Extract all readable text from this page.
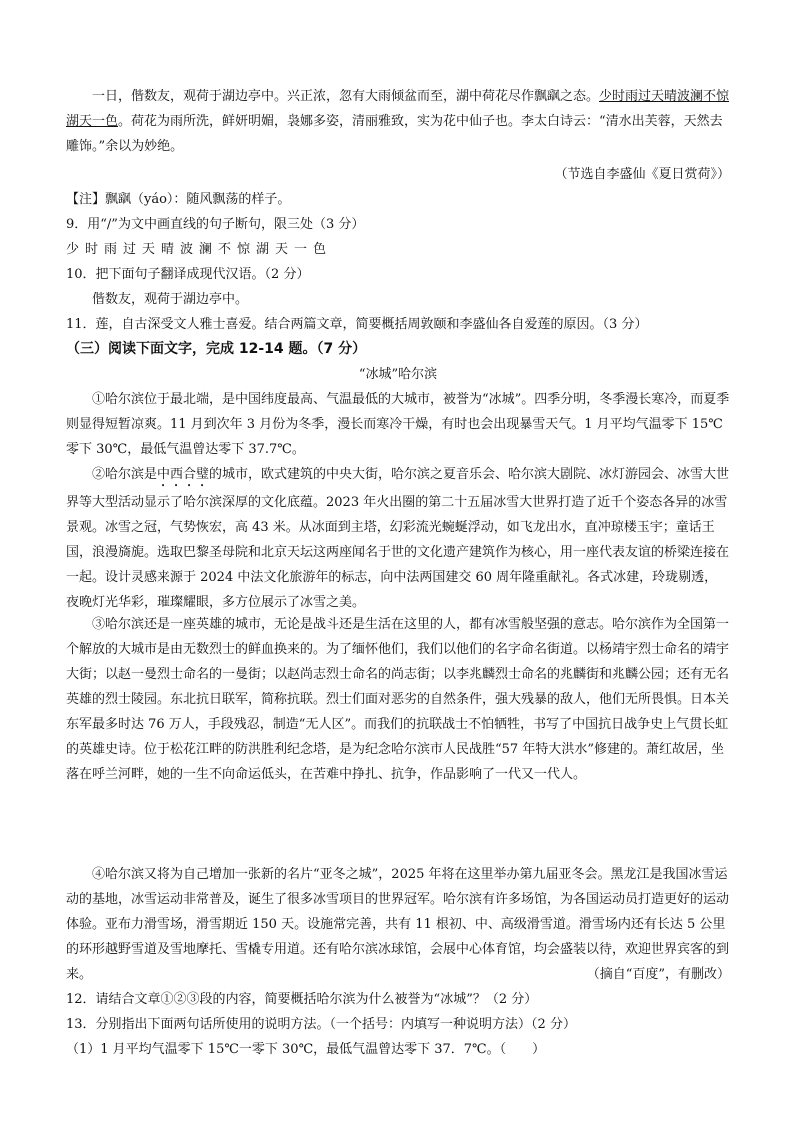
一日，偕数友，观荷于湖边亭中。兴正浓，忽有大雨倾盆而至，湖中荷花尽作飘飖之态。少时雨过天晴波澜不惊湖天一色。荷花为雨所洗，鲜妍明媚，袅娜多姿，清丽雅致，实为花中仙子也。李太白诗云：“清水出芙蓉，天然去雕饰。”余以为妙绝。
（节选自李盛仙《夏日赏荷》）
【注】飘飖（yáo）：随风飘荡的样子。
9．用“/”为文中画直线的句子断句，限三处（3 分）
少时雨过天晴波澜不惊湖天一色
10．把下面句子翻译成现代汉语。（2 分）
偕数友，观荷于湖边亭中。
11．莲，自古深受文人雅士喜爱。结合两篇文章，简要概括周敦颐和李盛仙各自爱莲的原因。（3 分）
（三）阅读下面文字，完成 12-14 题。（7 分）
“冰城”哈尔滨
①哈尔滨位于最北端，是中国纬度最高、气温最低的大城市，被誉为“冰城”。四季分明，冬季漫长寒冷，而夏季则显得短暂凉爽。11 月到次年 3 月份为冬季，漫长而寒冷干燥，有时也会出现暴雪天气。1 月平均气温零下 15℃零下 30℃，最低气温曾达零下 37.7℃。
②哈尔滨是中西合璧的城市，欧式建筑的中央大街，哈尔滨之夏音乐会、哈尔滨大剧院、冰灯游园会、冰雪大世界等大型活动显示了哈尔滨深厚的文化底蕴。2023 年火出圈的第二十五届冰雪大世界打造了近千个姿态各异的冰雪景观。冰雪之冠，气势恢宏，高 43 米。从冰面到主塔，幻彩流光蜿蜒浮动，如飞龙出水，直冲琼楼玉宇；童话王国，浪漫旖旎。选取巴黎圣母院和北京天坛这两座闻名于世的文化遗产建筑作为核心，用一座代表友谊的桥梁连接在一起。设计灵感来源于 2024 中法文化旅游年的标志，向中法两国建交 60 周年隆重献礼。各式冰建，玲珑剔透，夜晚灯光华彩，璀璨耀眼，多方位展示了冰雪之美。
③哈尔滨还是一座英雄的城市，无论是战斗还是生活在这里的人，都有冰雪般坚强的意志。哈尔滨作为全国第一个解放的大城市是由无数烈士的鲜血换来的。为了缅怀他们，我们以他们的名字命名街道。以杨靖宇烈士命名的靖宇大街；以赵一曼烈士命名的一曼街；以赵尚志烈士命名的尚志街；以李兆麟烈士命名的兆麟街和兆麟公园；还有无名英雄的烈士陵园。东北抗日联军，简称抗联。烈士们面对恶劣的自然条件，强大残暴的敌人，他们无所畏惧。日本关东军最多时达 76 万人，手段残忍，制造“无人区”。而我们的抗联战士不怕牺牲，书写了中国抗日战争史上气贯长虹的英雄史诗。位于松花江畔的防洪胜利纪念塔，是为纪念哈尔滨市人民战胜“57 年特大洪水”修建的。萧红故居，坐落在呼兰河畔，她的一生不向命运低头，在苦难中挣扎、抗争，作品影响了一代又一代人。
④哈尔滨又将为自己增加一张新的名片“亚冬之城”，2025 年将在这里举办第九届亚冬会。黑龙江是我国冰雪运动的基地，冰雪运动非常普及，诞生了很多冰雪项目的世界冠军。哈尔滨有许多场馆，为各国运动员打造更好的运动体验。亚布力滑雪场，滑雪期近 150 天。设施常完善，共有 11 根初、中、高级滑雪道。滑雪场内还有长达 5 公里的环形越野雪道及雪地摩托、雪橇专用道。还有哈尔滨冰球馆，会展中心体育馆，均会盛装以待，欢迎世界宾客的到来。	（摘自“百度”，有删改）
12．请结合文章①②③段的内容，简要概括哈尔滨为什么被誉为“冰城”？（2 分）
13．分别指出下面两句话所使用的说明方法。（一个括号：内填写一种说明方法）（2 分）
（1）1 月平均气温零下 15℃一零下 30℃，最低气温曾达零下 37．7℃。（　　）
